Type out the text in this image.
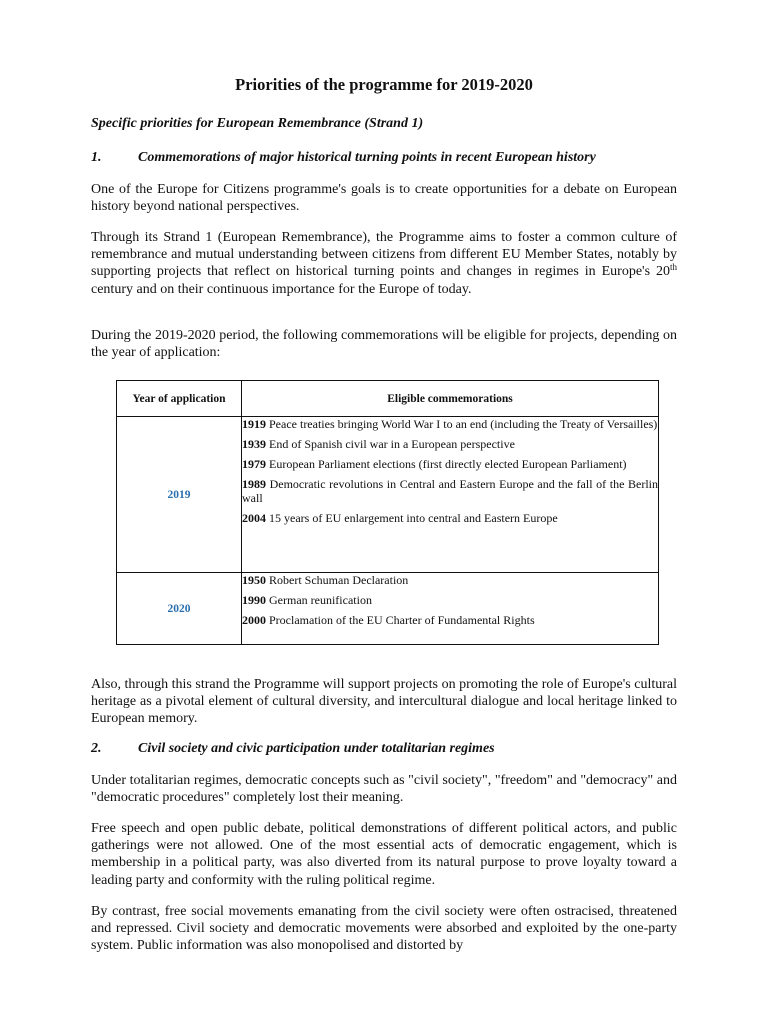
Priorities of the programme for 2019-2020

Specific priorities for European Remembrance (Strand 1)

1.	Commemorations of major historical turning points in recent European history

One of the Europe for Citizens programme's goals is to create opportunities for a debate on European history beyond national perspectives.

Through its Strand 1 (European Remembrance), the Programme aims to foster a common culture of remembrance and mutual understanding between citizens from different EU Member States, notably by supporting projects that reflect on historical turning points and changes in regimes in Europe's 20th century and on their continuous importance for the Europe of today.

During the 2019-2020 period, the following commemorations will be eligible for projects, depending on the year of application:

Year of application	Eligible commemorations
2019	1919 Peace treaties bringing World War I to an end (including the Treaty of Versailles)

1939 End of Spanish civil war in a European perspective

1979 European Parliament elections (first directly elected European Parliament)

1989 Democratic revolutions in Central and Eastern Europe and the fall of the Berlin wall

2004 15 years of EU enlargement into central and Eastern Europe

2020	1950 Robert Schuman Declaration

1990 German reunification

2000 Proclamation of the EU Charter of Fundamental Rights

Also, through this strand the Programme will support projects on promoting the role of Europe's cultural heritage as a pivotal element of cultural diversity, and intercultural dialogue and local heritage linked to European memory.

2.	Civil society and civic participation under totalitarian regimes

Under totalitarian regimes, democratic concepts such as "civil society", "freedom" and "democracy" and "democratic procedures" completely lost their meaning.

Free speech and open public debate, political demonstrations of different political actors, and public gatherings were not allowed. One of the most essential acts of democratic engagement, which is membership in a political party, was also diverted from its natural purpose to prove loyalty toward a leading party and conformity with the ruling political regime.

By contrast, free social movements emanating from the civil society were often ostracised, threatened and repressed. Civil society and democratic movements were absorbed and exploited by the one-party system. Public information was also monopolised and distorted by
